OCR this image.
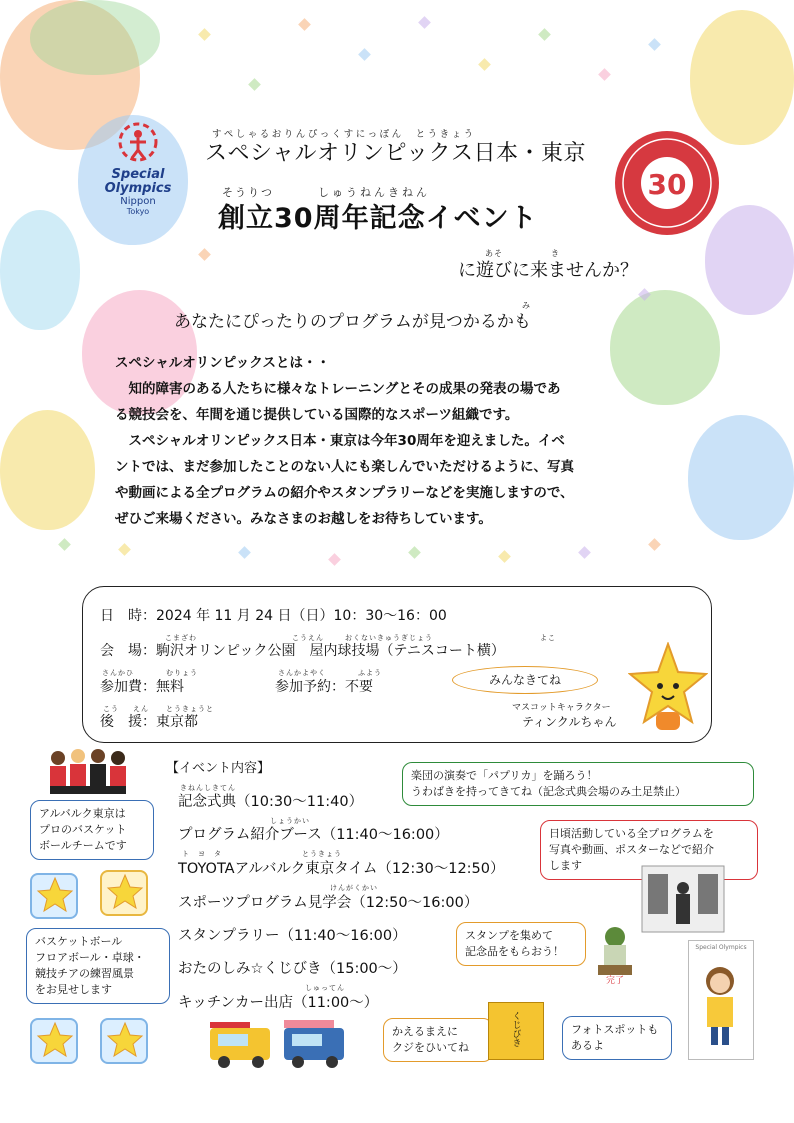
Special
Olympics
Nippon
Tokyo
30
すぺしゃるおりんぴっくすにっぽん　とうきょう
スペシャルオリンピックス日本・東京
そうりつ	しゅうねんきねん
創立30周年記念イベント
あそ	き
に遊びに来ませんか？
み
あなたにぴったりのプログラムが見つかるかも

スペシャルオリンピックスとは・・

　知的障害のある人たちに様々なトレーニングとその成果の発表の場であ

る競技会を、年間を通じ提供している国際的なスポーツ組織です。

　スペシャルオリンピックス日本・東京は今年30周年を迎えました。イベ

ントでは、まだ参加したことのない人にも楽しんでいただけるように、写真

や動画による全プログラムの紹介やスタンプラリーなどを実施しますので、

ぜひご来場ください。みなさまのお越しをお待ちしています。

日　時：2024 年 11 月 24 日（日）10：30〜16：00
こまざわ	こうえん	おくないきゅうぎじょう	よこ
会　場：駒沢オリンピック公園　屋内球技場（テニスコート横）
さんかひ	むりょう
参加費：無料
さんかよやく	ふよう
参加予約：不要
こう えん とうきょうと
後　援：東京都
みんなきてね
マスコットキャラクター
ティンクルちゃん
【イベント内容】
きねんしきてん
記念式典（10:30〜11:40）
しょうかい
プログラム紹介ブース（11:40〜16:00）
ト　ヨ　タ　　　　　　　　　　とうきょう
TOYOTAアルバルク東京タイム（12:30〜12:50）
けんがくかい
スポーツプログラム見学会（12:50〜16:00）
スタンプラリー（11:40〜16:00）
おたのしみ☆くじびき（15:00〜）
しゅってん
キッチンカー出店（11:00〜）
楽団の演奏で「パプリカ」を踊ろう！
うわばきを持ってきてね（記念式典会場のみ土足禁止）
日頃活動している全プログラムを
写真や動画、ポスターなどで紹介
します
アルバルク東京は
プロのバスケット
ボールチームです
バスケットボール
フロアボール・卓球・
競技チアの練習風景
をお見せします
スタンプを集めて
記念品をもらおう！
かえるまえに
クジをひいてね
フォトスポットも
あるよ
完了
くじびき
Special Olympics
